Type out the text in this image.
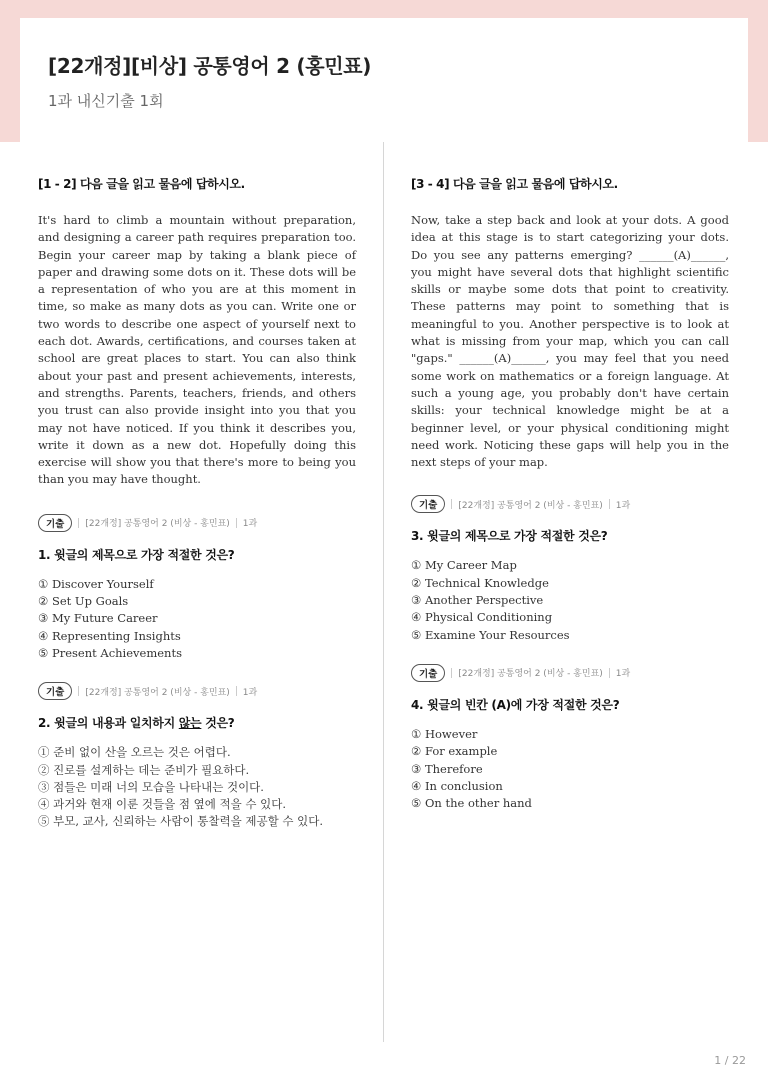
[22개정][비상] 공통영어 2 (홍민표)
1과 내신기출 1회
[1 - 2] 다음 글을 읽고 물음에 답하시오.
It's hard to climb a mountain without preparation, and designing a career path requires preparation too. Begin your career map by taking a blank piece of paper and drawing some dots on it. These dots will be a representation of who you are at this moment in time, so make as many dots as you can. Write one or two words to describe one aspect of yourself next to each dot. Awards, certifications, and courses taken at school are great places to start. You can also think about your past and present achievements, interests, and strengths. Parents, teachers, friends, and others you trust can also provide insight into you that you may not have noticed. If you think it describes you, write it down as a new dot. Hopefully doing this exercise will show you that there's more to being you than you may have thought.
기출	[22개정] 공통영어 2 (비상 - 홍민표) 1과
1. 윗글의 제목으로 가장 적절한 것은?
① Discover Yourself
② Set Up Goals
③ My Future Career
④ Representing Insights
⑤ Present Achievements
기출	[22개정] 공통영어 2 (비상 - 홍민표) 1과
2. 윗글의 내용과 일치하지 않는 것은?
① 준비 없이 산을 오르는 것은 어렵다.
② 진로를 설계하는 데는 준비가 필요하다.
③ 점들은 미래 너의 모습을 나타내는 것이다.
④ 과거와 현재 이룬 것들을 점 옆에 적을 수 있다.
⑤ 부모, 교사, 신뢰하는 사람이 통찰력을 제공할 수 있다.
[3 - 4] 다음 글을 읽고 물음에 답하시오.
Now, take a step back and look at your dots. A good idea at this stage is to start categorizing your dots. Do you see any patterns emerging? ______(A)______, you might have several dots that highlight scientific skills or maybe some dots that point to creativity. These patterns may point to something that is meaningful to you. Another perspective is to look at what is missing from your map, which you can call "gaps." ______(A)______, you may feel that you need some work on mathematics or a foreign language. At such a young age, you probably don't have certain skills: your technical knowledge might be at a beginner level, or your physical conditioning might need work. Noticing these gaps will help you in the next steps of your map.
기출	[22개정] 공통영어 2 (비상 - 홍민표) 1과
3. 윗글의 제목으로 가장 적절한 것은?
① My Career Map
② Technical Knowledge
③ Another Perspective
④ Physical Conditioning
⑤ Examine Your Resources
기출	[22개정] 공통영어 2 (비상 - 홍민표) 1과
4. 윗글의 빈칸 (A)에 가장 적절한 것은?
① However
② For example
③ Therefore
④ In conclusion
⑤ On the other hand
1 / 22
